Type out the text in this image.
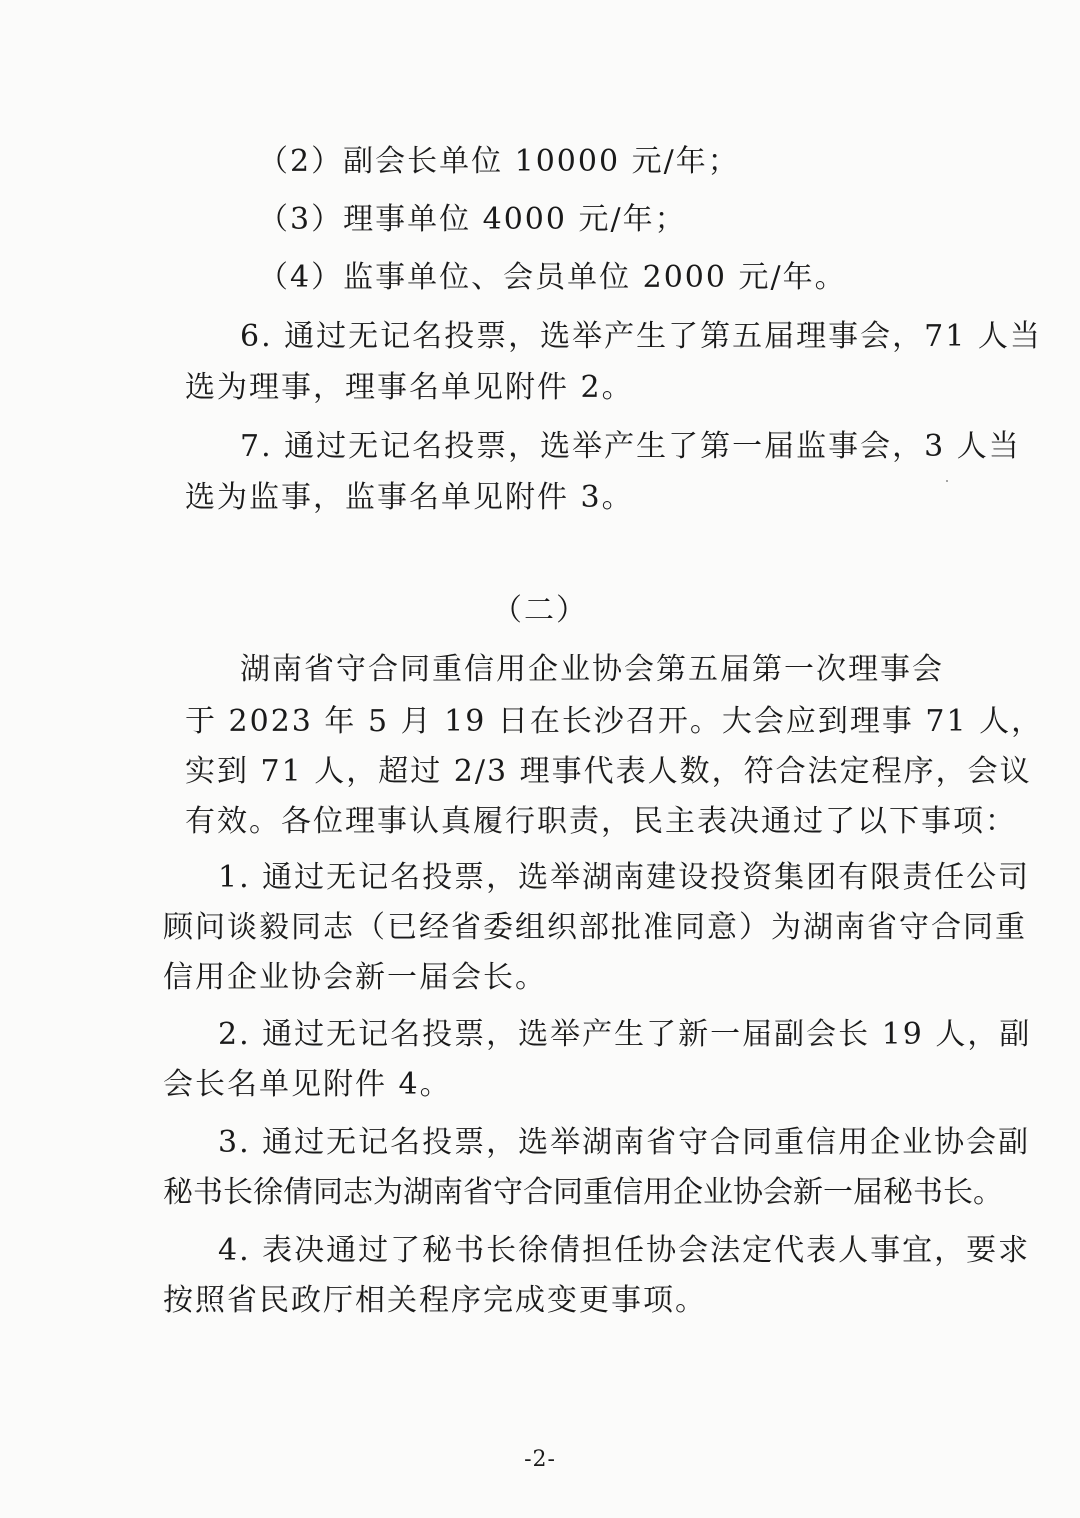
（2）副会长单位 10000 元/年；
（3）理事单位 4000 元/年；
（4）监事单位、会员单位 2000 元/年。
6. 通过无记名投票，选举产生了第五届理事会，71 人当
选为理事，理事名单见附件 2。
7. 通过无记名投票，选举产生了第一届监事会，3 人当
选为监事，监事名单见附件 3。
（二）
湖南省守合同重信用企业协会第五届第一次理事会
于 2023 年 5 月 19 日在长沙召开。大会应到理事 71 人，
实到 71 人，超过 2/3 理事代表人数，符合法定程序，会议
有效。各位理事认真履行职责，民主表决通过了以下事项：
1. 通过无记名投票，选举湖南建设投资集团有限责任公司
顾问谈毅同志（已经省委组织部批准同意）为湖南省守合同重
信用企业协会新一届会长。
2. 通过无记名投票，选举产生了新一届副会长 19 人，副
会长名单见附件 4。
3. 通过无记名投票，选举湖南省守合同重信用企业协会副
秘书长徐倩同志为湖南省守合同重信用企业协会新一届秘书长。
4. 表决通过了秘书长徐倩担任协会法定代表人事宜，要求
按照省民政厅相关程序完成变更事项。
-2-
